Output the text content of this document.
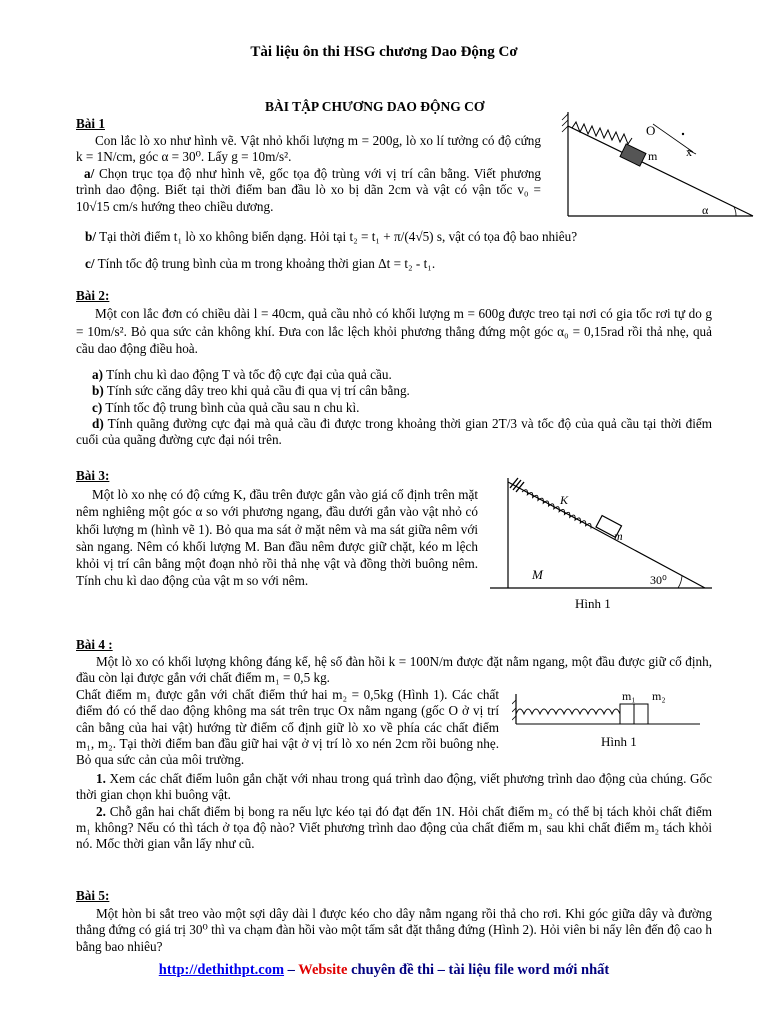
Tài liệu ôn thi HSG chương Dao Động Cơ
BÀI TẬP CHƯƠNG DAO ĐỘNG CƠ
Bài 1
Con lắc lò xo như hình vẽ. Vật nhỏ khối lượng m = 200g, lò xo lí tưởng có độ cứng k = 1N/cm, góc α = 30⁰. Lấy g = 10m/s².
a/ Chọn trục tọa độ như hình vẽ, gốc tọa độ trùng với vị trí cân bằng. Viết phương trình dao động. Biết tại thời điểm ban đầu lò xo bị dãn 2cm và vật có vận tốc v₀ = 10√15 cm/s hướng theo chiều dương.
b/ Tại thời điểm t₁ lò xo không biến dạng. Hỏi tại t₂ = t₁ + π/(4√5) s, vật có tọa độ bao nhiêu?
c/ Tính tốc độ trung bình của m trong khoảng thời gian Δt = t₂ - t₁.
O
m x
α
Bài 2:
Một con lắc đơn có chiều dài l = 40cm, quả cầu nhỏ có khối lượng m = 600g được treo tại nơi có gia tốc rơi tự do g = 10m/s². Bỏ qua sức cản không khí. Đưa con lắc lệch khỏi phương thẳng đứng một góc α₀ = 0,15rad rồi thả nhẹ, quả cầu dao động điều hoà.
a) Tính chu kì dao động T và tốc độ cực đại của quả cầu.
b) Tính sức căng dây treo khi quả cầu đi qua vị trí cân bằng.
c) Tính tốc độ trung bình của quả cầu sau n chu kì.
d) Tính quãng đường cực đại mà quả cầu đi được trong khoảng thời gian 2T/3 và tốc độ của quả cầu tại thời điểm cuối của quãng đường cực đại nói trên.
Bài 3:
Một lò xo nhẹ có độ cứng K, đầu trên được gắn vào giá cố định trên mặt nêm nghiêng một góc α so với phương ngang, đầu dưới gắn vào vật nhỏ có khối lượng m (hình vẽ 1). Bỏ qua ma sát ở mặt nêm và ma sát giữa nêm với sàn ngang. Nêm có khối lượng M. Ban đầu nêm được giữ chặt, kéo m lệch khỏi vị trí cân bằng một đoạn nhỏ rồi thả nhẹ vật và đồng thời buông nêm. Tính chu kì dao động của vật m so với nêm.
K
m
M	30⁰
Hình 1
Bài 4 :
Một lò xo có khối lượng không đáng kể, hệ số đàn hồi k = 100N/m được đặt nằm ngang, một đầu được giữ cố định, đầu còn lại được gắn với chất điểm m₁ = 0,5 kg.
Chất điểm m₁ được gắn với chất điểm thứ hai m₂ = 0,5kg (Hình 1). Các chất điểm đó có thể dao động không ma sát trên trục Ox nằm ngang (gốc O ở vị trí cân bằng của hai vật) hướng từ điểm cố định giữ lò xo về phía các chất điểm m₁, m₂. Tại thời điểm ban đầu giữ hai vật ở vị trí lò xo nén 2cm rồi buông nhẹ. Bỏ qua sức cản của môi trường.
1. Xem các chất điểm luôn gắn chặt với nhau trong quá trình dao động, viết phương trình dao động của chúng. Gốc thời gian chọn khi buông vật.
2. Chỗ gắn hai chất điểm bị bong ra nếu lực kéo tại đó đạt đến 1N. Hỏi chất điểm m₂ có thể bị tách khỏi chất điểm m₁ không? Nếu có thì tách ở tọa độ nào? Viết phương trình dao động của chất điểm m₁ sau khi chất điểm m₂ tách khỏi nó. Mốc thời gian vẫn lấy như cũ.
m₁ m₂
Hình 1
Bài 5:
Một hòn bi sắt treo vào một sợi dây dài l được kéo cho dây nằm ngang rồi thả cho rơi. Khi góc giữa dây và đường thẳng đứng có giá trị 30⁰ thì va chạm đàn hồi vào một tấm sắt đặt thẳng đứng (Hình 2). Hỏi viên bi nẩy lên đến độ cao h bằng bao nhiêu?
http://dethithpt.com – Website chuyên đề thi – tài liệu file word mới nhất
